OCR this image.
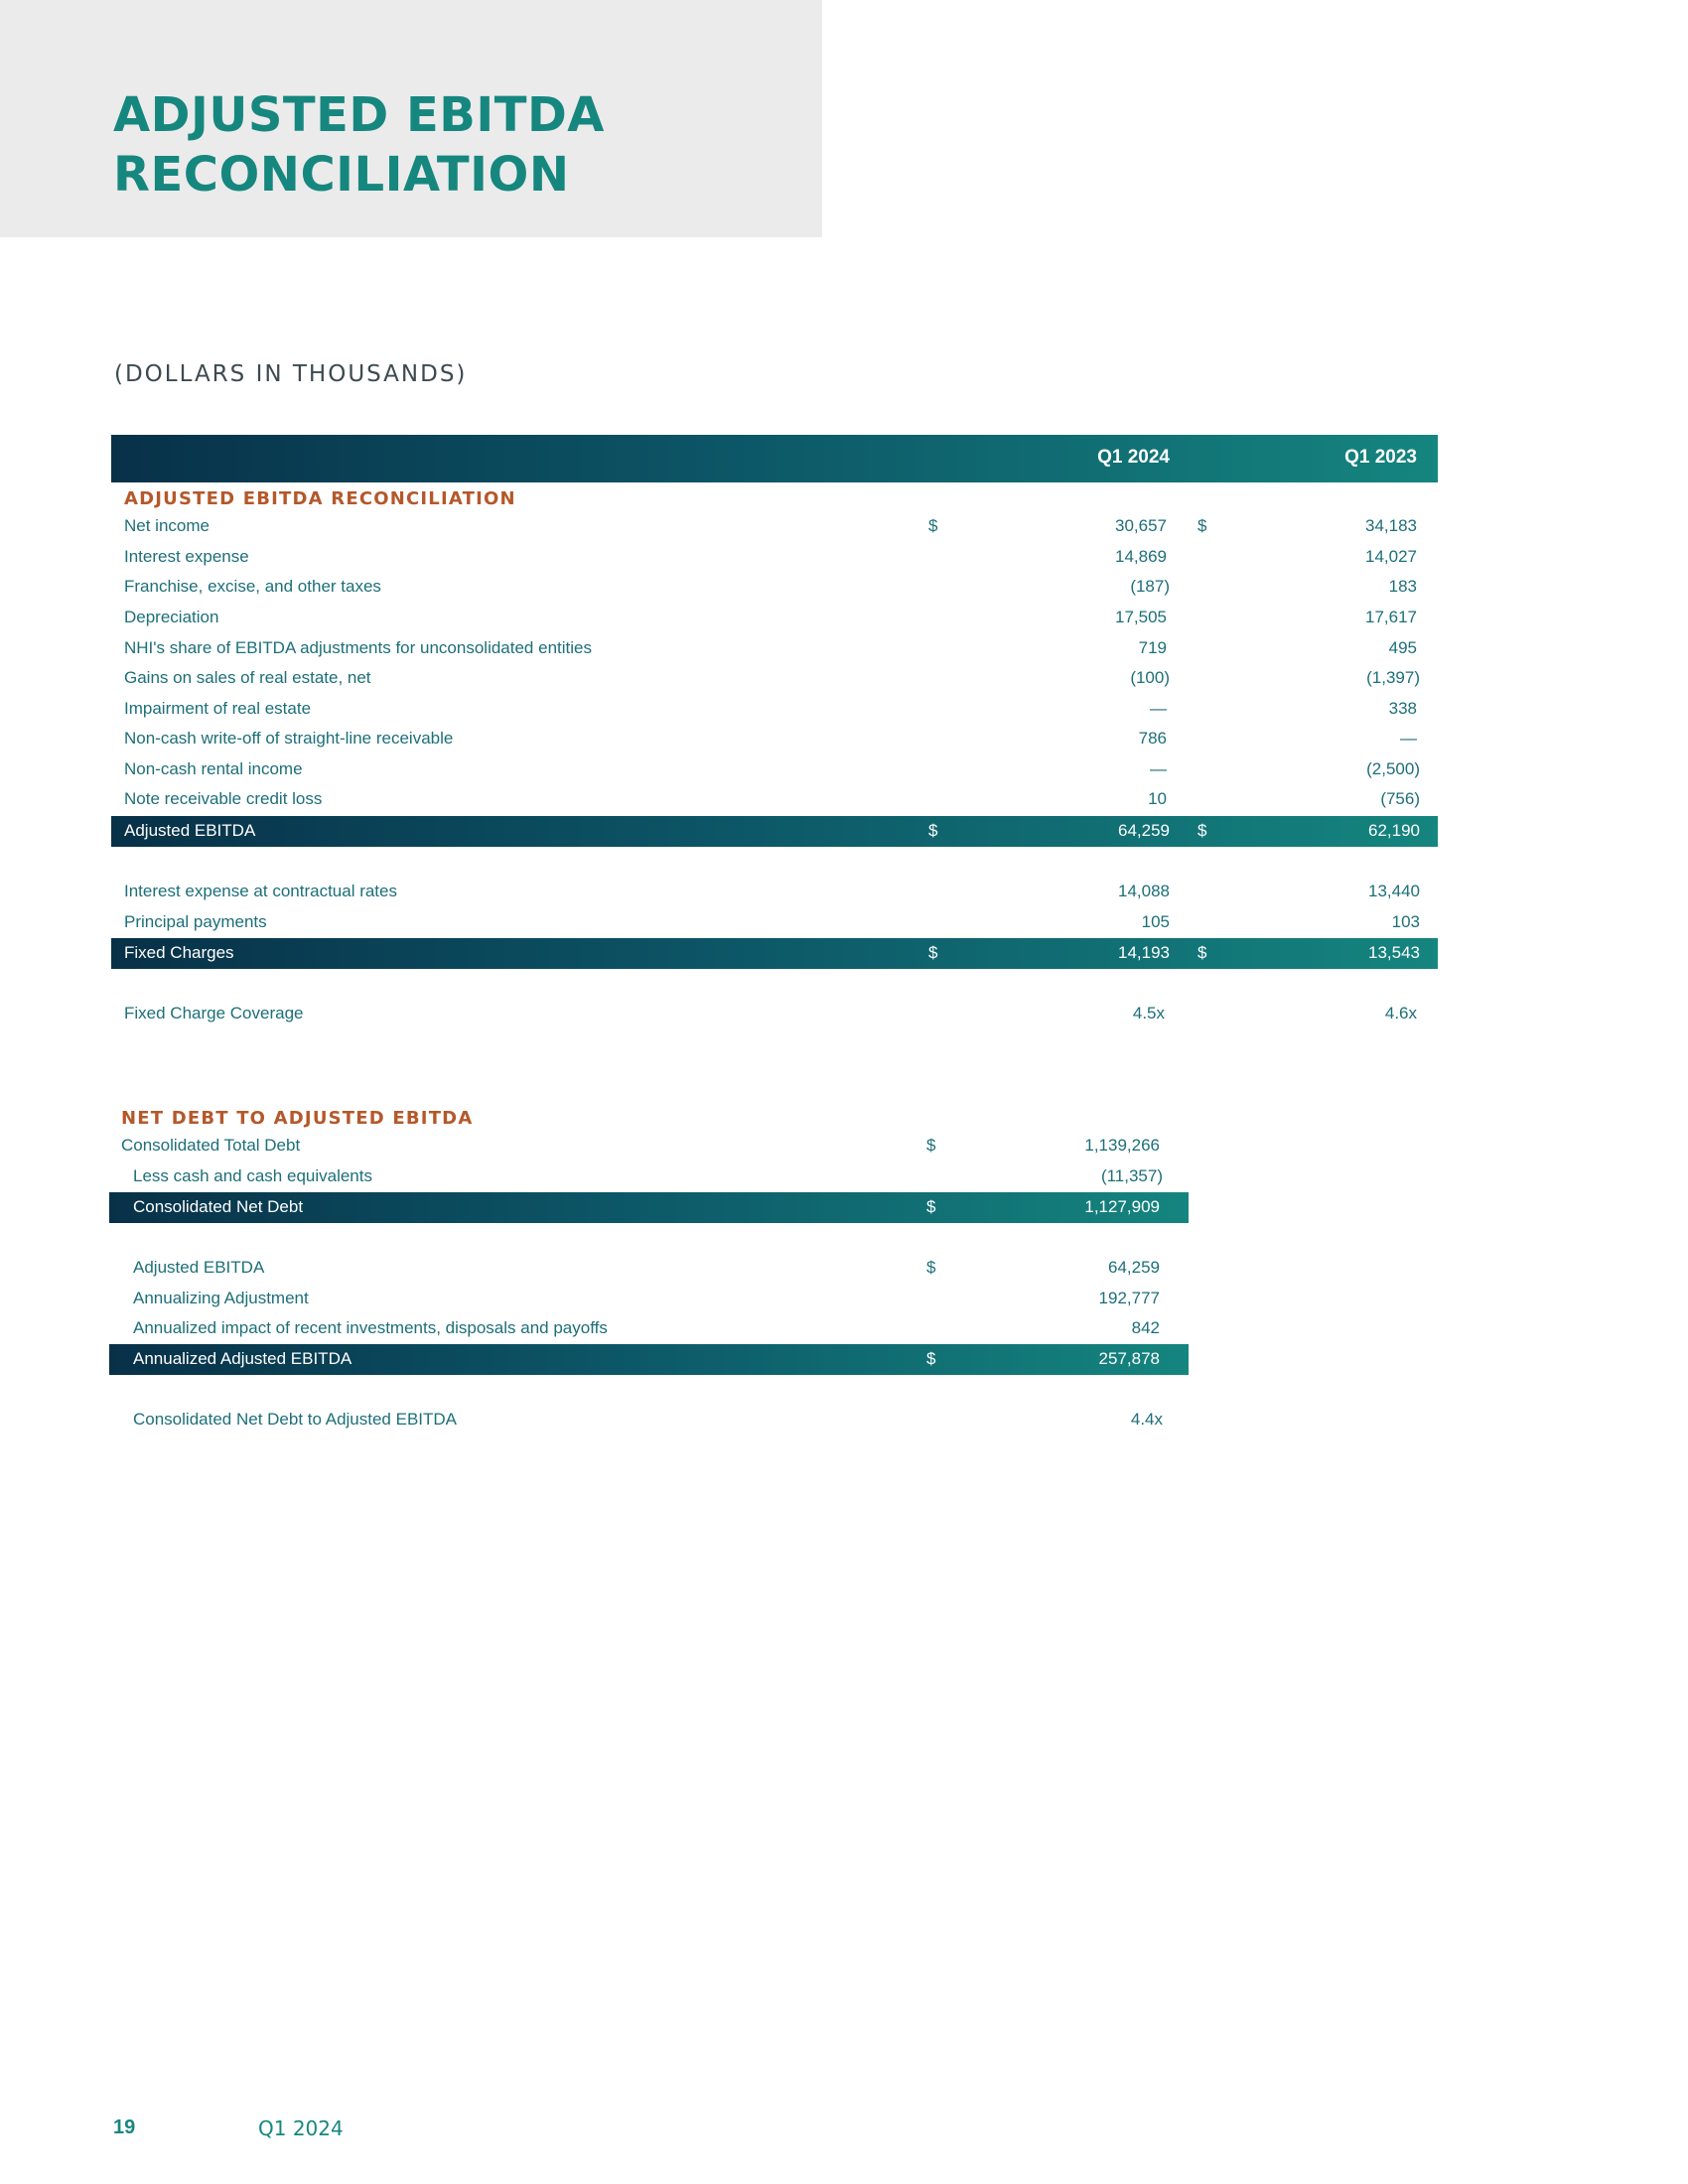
ADJUSTED EBITDA
RECONCILIATION
(DOLLARS IN THOUSANDS)
Q1 2024	Q1 2023
ADJUSTED EBITDA RECONCILIATION
Net income	$	30,657 $	34,183
Interest expense	14,869	14,027
Franchise, excise, and other taxes	(187)	183
Depreciation	17,505	17,617
NHI's share of EBITDA adjustments for unconsolidated entities	719	495
Gains on sales of real estate, net	(100)	(1,397)
Impairment of real estate	—	338
Non-cash write-off of straight-line receivable	786	—
Non-cash rental income	—	(2,500)
Note receivable credit loss	10	(756)
Adjusted EBITDA	$	64,259 $	62,190
Interest expense at contractual rates	14,088	13,440
Principal payments	105	103
Fixed Charges	$	14,193 $	13,543
Fixed Charge Coverage	4.5x	4.6x
NET DEBT TO ADJUSTED EBITDA
Consolidated Total Debt	$	1,139,266
Less cash and cash equivalents	(11,357)
Consolidated Net Debt	$	1,127,909
Adjusted EBITDA	$	64,259
Annualizing Adjustment	192,777
Annualized impact of recent investments, disposals and payoffs	842
Annualized Adjusted EBITDA	$	257,878
Consolidated Net Debt to Adjusted EBITDA	4.4x
19	Q1 2024
